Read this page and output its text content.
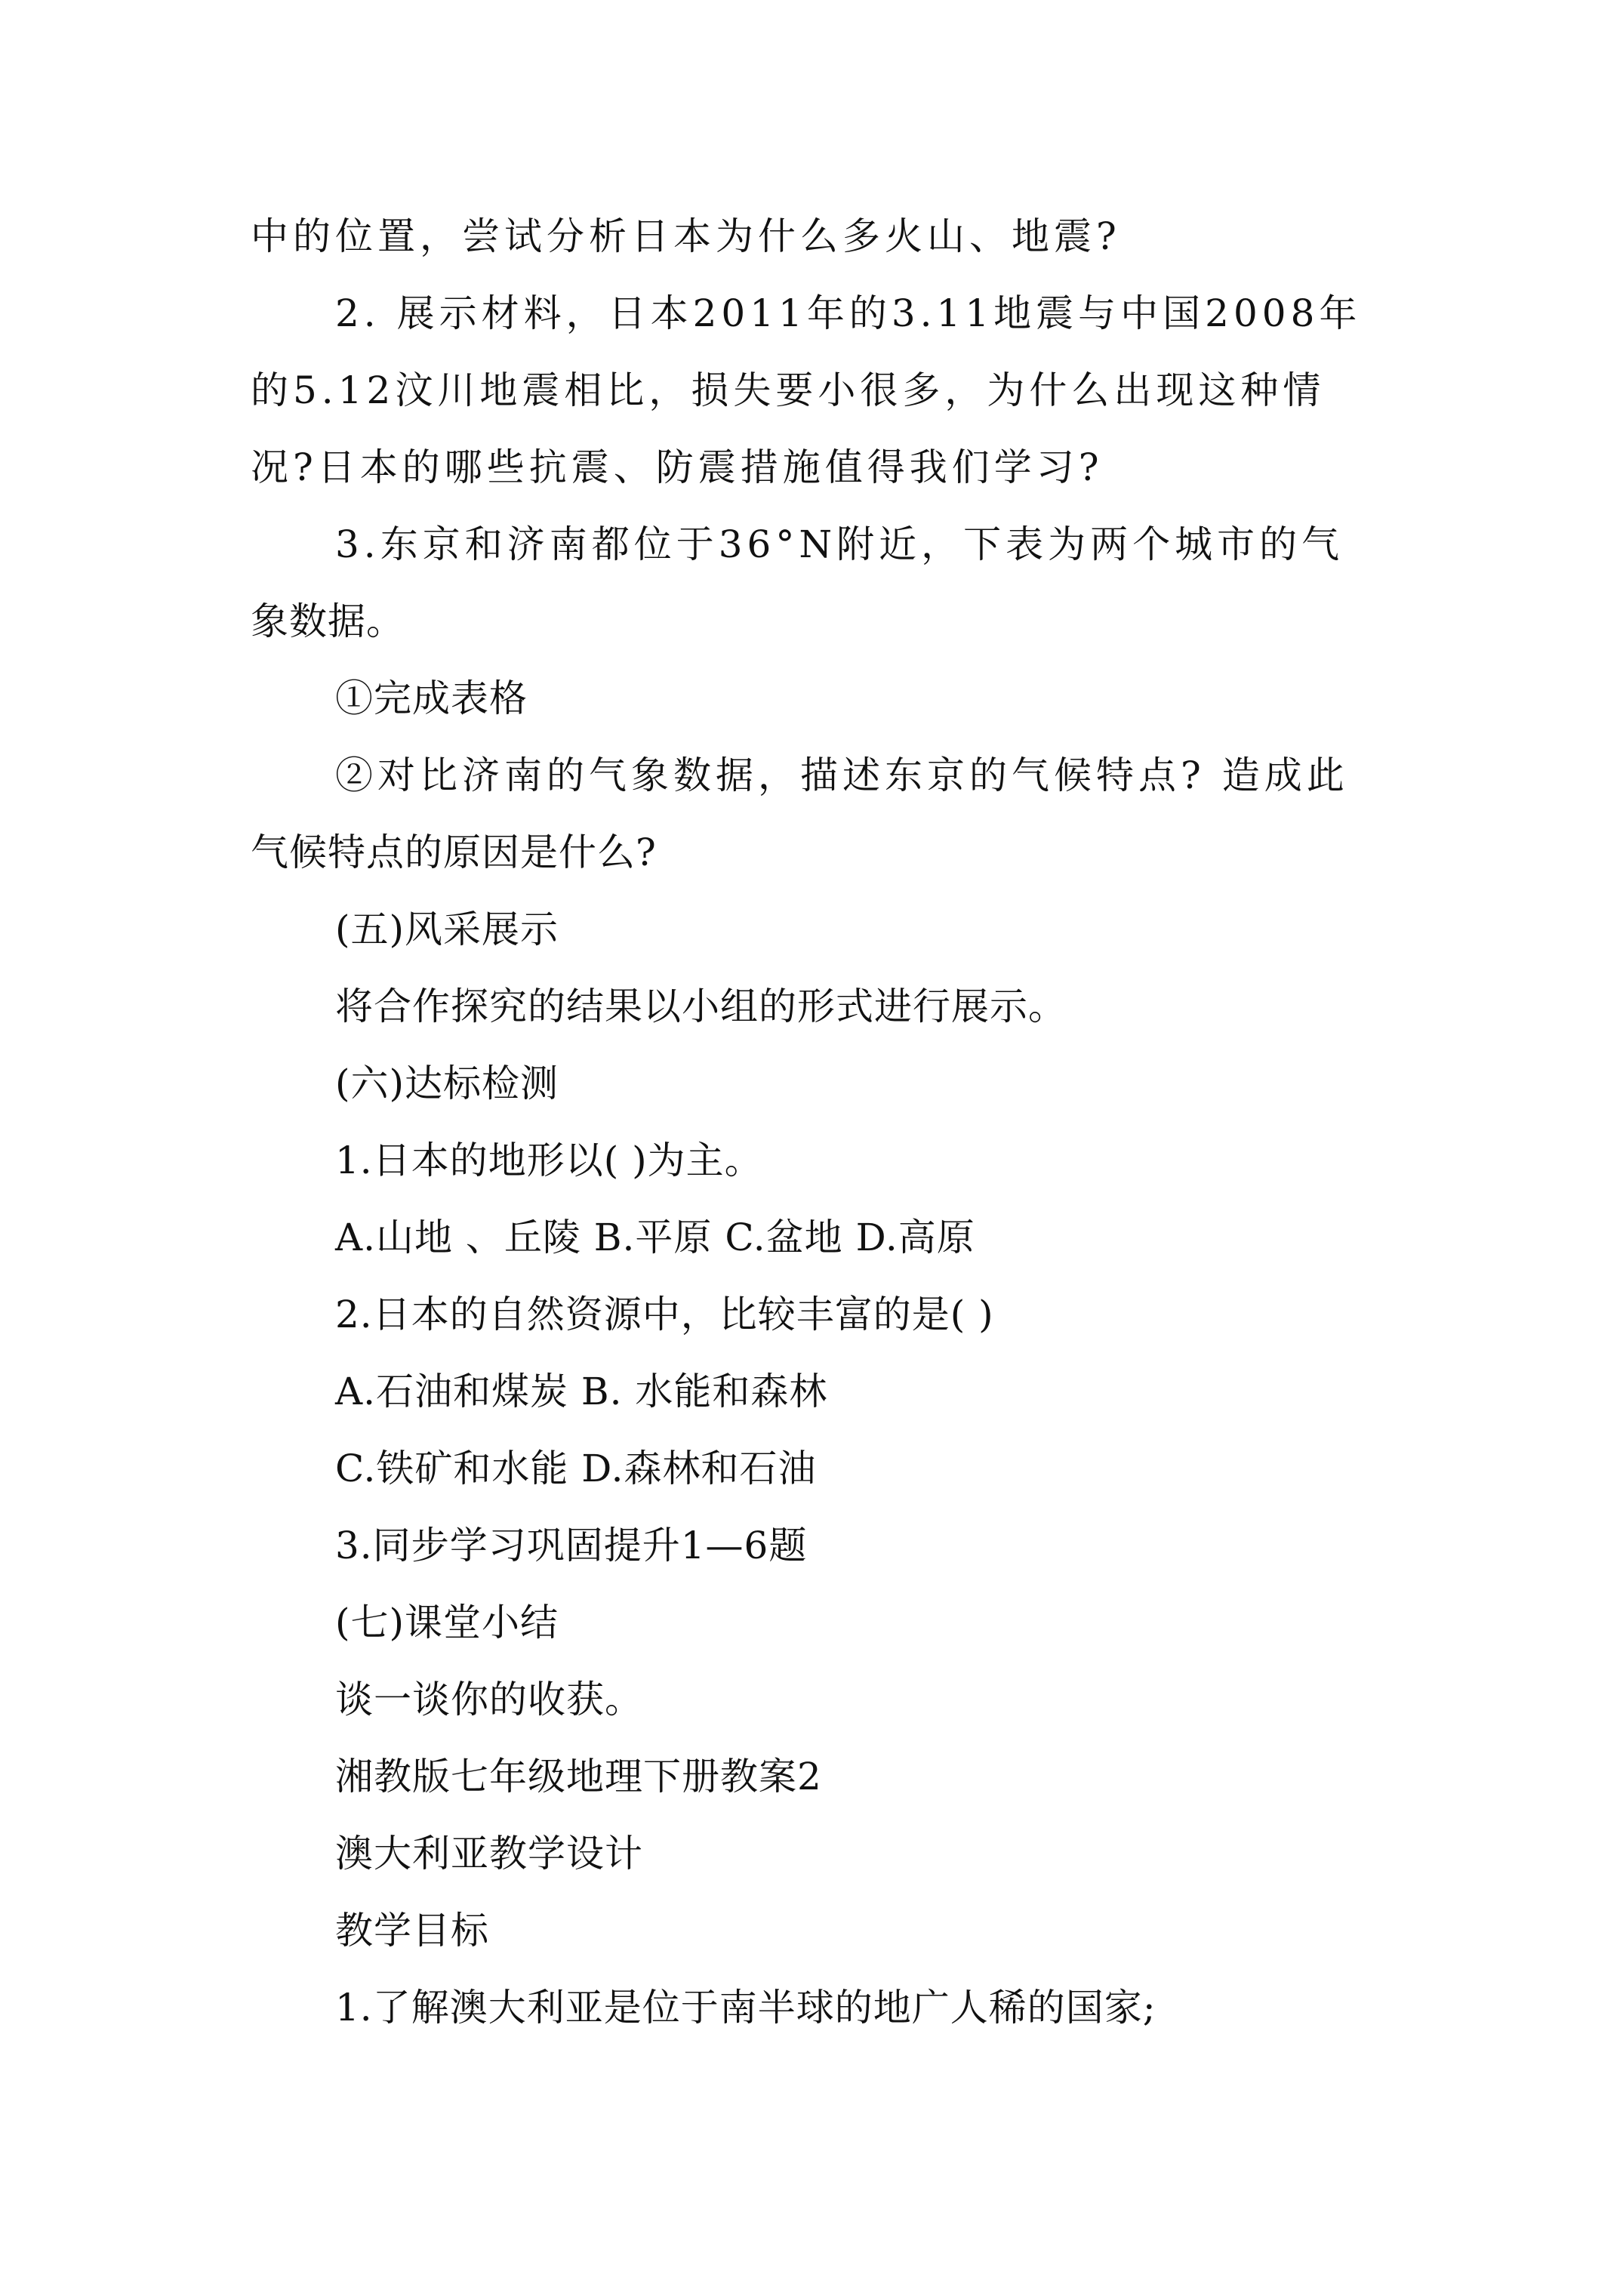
中的位置，尝试分析日本为什么多火山、地震?
2. 展示材料，日本2011年的3.11地震与中国2008年
的5.12汶川地震相比，损失要小很多，为什么出现这种情
况?日本的哪些抗震、防震措施值得我们学习?
3.东京和济南都位于36°N附近，下表为两个城市的气
象数据。
①完成表格
②对比济南的气象数据，描述东京的气候特点? 造成此
气候特点的原因是什么?
(五)风采展示
将合作探究的结果以小组的形式进行展示。
(六)达标检测
1.日本的地形以( )为主。
A.山地 、丘陵 B.平原 C.盆地 D.高原
2.日本的自然资源中，比较丰富的是( )
A.石油和煤炭 B. 水能和森林
C.铁矿和水能 D.森林和石油
3.同步学习巩固提升1—6题
(七)课堂小结
谈一谈你的收获。
湘教版七年级地理下册教案2
澳大利亚教学设计
教学目标
1.了解澳大利亚是位于南半球的地广人稀的国家;
